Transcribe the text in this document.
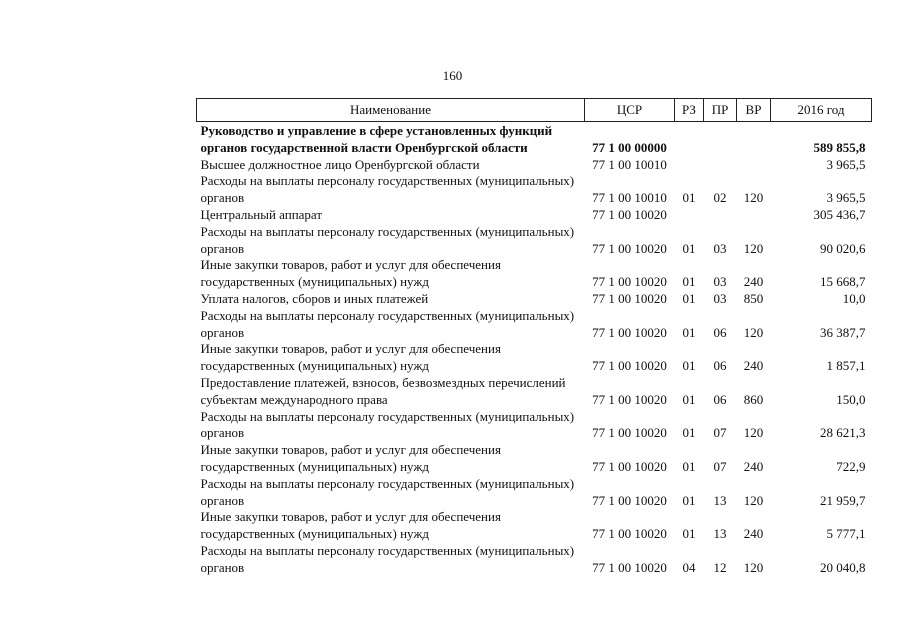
160
Наименование	ЦСР	РЗ	ПР	ВР	2016 год

Руководство и управление в сфере установленных функций
органов государственной власти Оренбургской области	77 1 00 00000				589 855,8

Высшее должностное лицо Оренбургской области	77 1 00 10010				3 965,5

Расходы на выплаты персоналу государственных (муниципальных)
органов	77 1 00 10010	01	02	120	3 965,5

Центральный аппарат	77 1 00 10020				305 436,7

Расходы на выплаты персоналу государственных (муниципальных)
органов	77 1 00 10020	01	03	120	90 020,6

Иные закупки товаров, работ и услуг для обеспечения
государственных (муниципальных) нужд	77 1 00 10020	01	03	240	15 668,7

Уплата налогов, сборов и иных платежей	77 1 00 10020	01	03	850	10,0

Расходы на выплаты персоналу государственных (муниципальных)
органов	77 1 00 10020	01	06	120	36 387,7

Иные закупки товаров, работ и услуг для обеспечения
государственных (муниципальных) нужд	77 1 00 10020	01	06	240	1 857,1

Предоставление платежей, взносов, безвозмездных перечислений
субъектам международного права	77 1 00 10020	01	06	860	150,0

Расходы на выплаты персоналу государственных (муниципальных)
органов	77 1 00 10020	01	07	120	28 621,3

Иные закупки товаров, работ и услуг для обеспечения
государственных (муниципальных) нужд	77 1 00 10020	01	07	240	722,9

Расходы на выплаты персоналу государственных (муниципальных)
органов	77 1 00 10020	01	13	120	21 959,7

Иные закупки товаров, работ и услуг для обеспечения
государственных (муниципальных) нужд	77 1 00 10020	01	13	240	5 777,1

Расходы на выплаты персоналу государственных (муниципальных)
органов	77 1 00 10020	04	12	120	20 040,8
